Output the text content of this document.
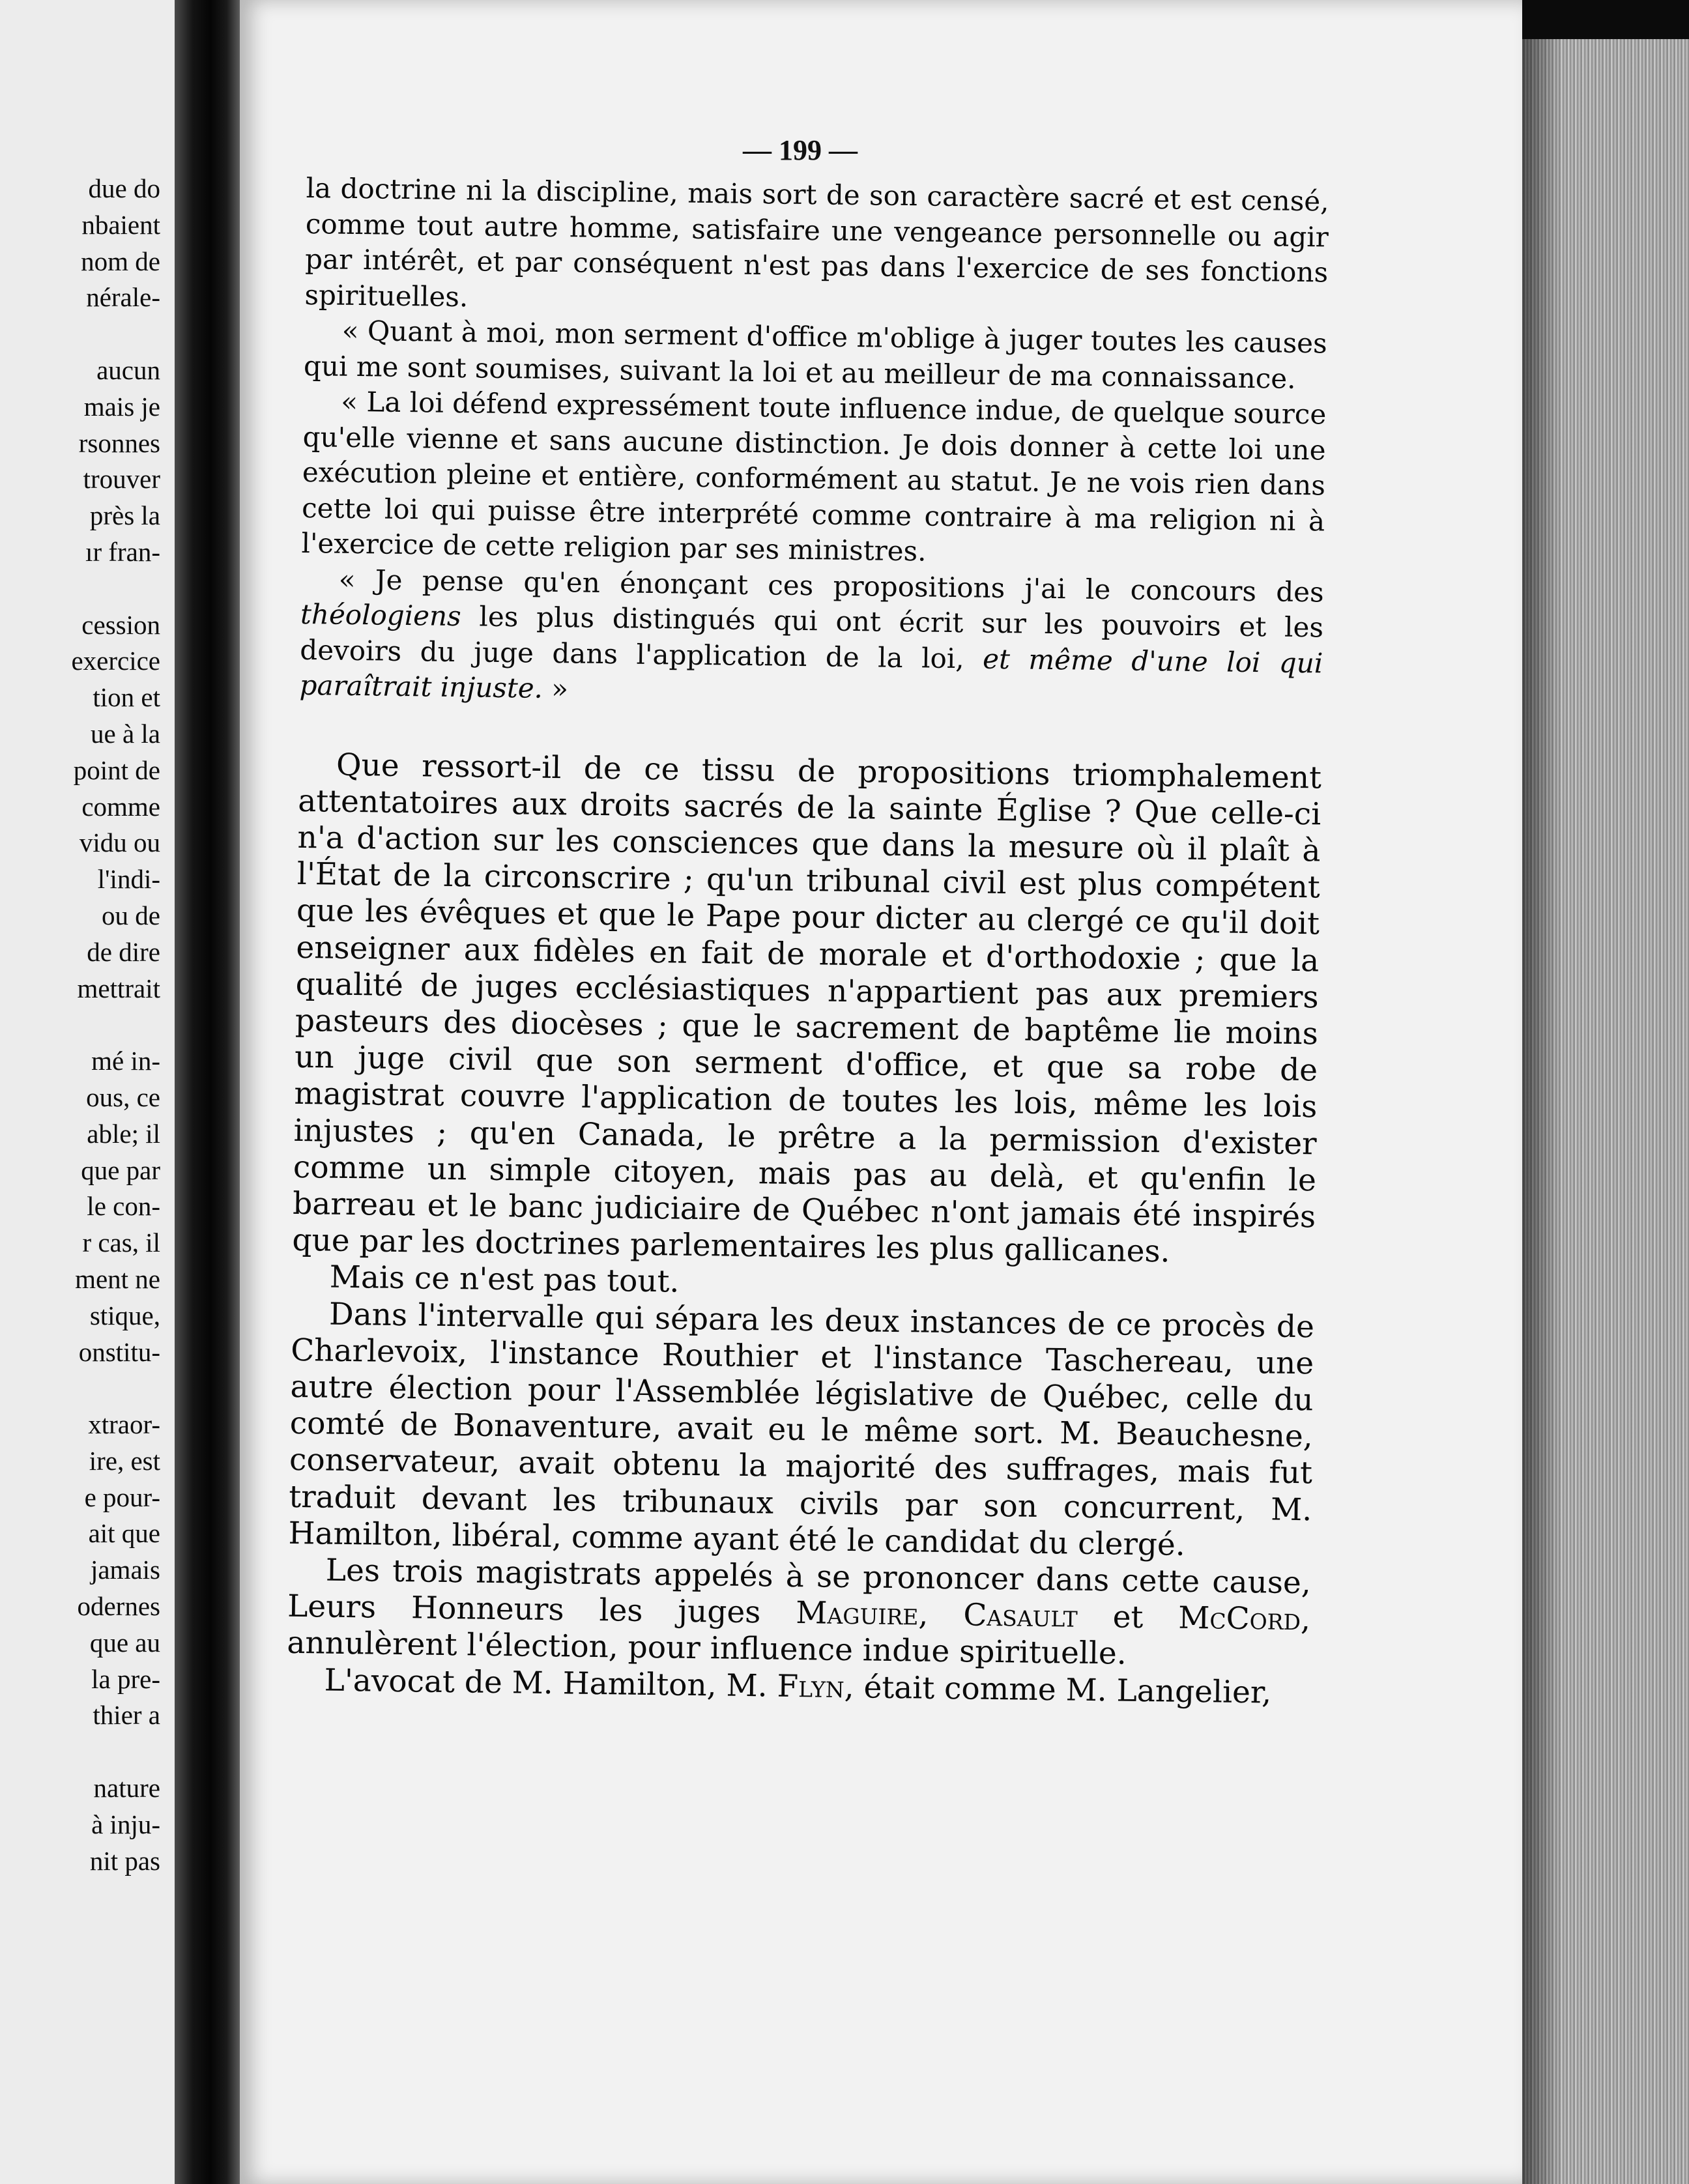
due do
nbaient
nom de
nérale-
aucun
mais je
rsonnes
trouver
près la
ır fran-
cession
exercice
tion et
ue à la
point de
comme
vidu ou
l'indi-
ou de
de dire
mettrait
mé in-
ous, ce
able; il
que par
le con-
r cas, il
ment ne
stique,
onstitu-
xtraor-
ire, est
e pour-
ait que
jamais
odernes
que au
la pre-
thier a
nature
à inju-
nit pas
— 199 —

la doctrine ni la discipline, mais sort de son caractère sacré et est censé, comme tout autre homme, satisfaire une vengeance personnelle ou agir par intérêt, et par conséquent n'est pas dans l'exercice de ses fonctions spirituelles.

« Quant à moi, mon serment d'office m'oblige à juger toutes les causes qui me sont soumises, suivant la loi et au meilleur de ma connaissance.

« La loi défend expressément toute influence indue, de quelque source qu'elle vienne et sans aucune distinction. Je dois donner à cette loi une exécution pleine et entière, conformément au statut. Je ne vois rien dans cette loi qui puisse être interprété comme contraire à ma religion ni à l'exercice de cette religion par ses ministres.

« Je pense qu'en énonçant ces propositions j'ai le concours des théologiens les plus distingués qui ont écrit sur les pouvoirs et les devoirs du juge dans l'application de la loi, et même d'une loi qui paraîtrait injuste. »

Que ressort-il de ce tissu de propositions triomphalement attentatoires aux droits sacrés de la sainte Église ? Que celle-ci n'a d'action sur les consciences que dans la mesure où il plaît à l'État de la circonscrire ; qu'un tribunal civil est plus compétent que les évêques et que le Pape pour dicter au clergé ce qu'il doit enseigner aux fidèles en fait de morale et d'orthodoxie ; que la qualité de juges ecclésiastiques n'appartient pas aux premiers pasteurs des diocèses ; que le sacrement de baptême lie moins un juge civil que son serment d'office, et que sa robe de magistrat couvre l'application de toutes les lois, même les lois injustes ; qu'en Canada, le prêtre a la permission d'exister comme un simple citoyen, mais pas au delà, et qu'enfin le barreau et le banc judiciaire de Québec n'ont jamais été inspirés que par les doctrines parlementaires les plus gallicanes.

Mais ce n'est pas tout.

Dans l'intervalle qui sépara les deux instances de ce procès de Charlevoix, l'instance Routhier et l'instance Taschereau, une autre élection pour l'Assemblée législative de Québec, celle du comté de Bonaventure, avait eu le même sort. M. Beauchesne, conservateur, avait obtenu la majorité des suffrages, mais fut traduit devant les tribunaux civils par son concurrent, M. Hamilton, libéral, comme ayant été le candidat du clergé.

Les trois magistrats appelés à se prononcer dans cette cause, Leurs Honneurs les juges Maguire, Casault et McCord, annulèrent l'élection, pour influence indue spirituelle.

L'avocat de M. Hamilton, M. Flyn, était comme M. Langelier,
